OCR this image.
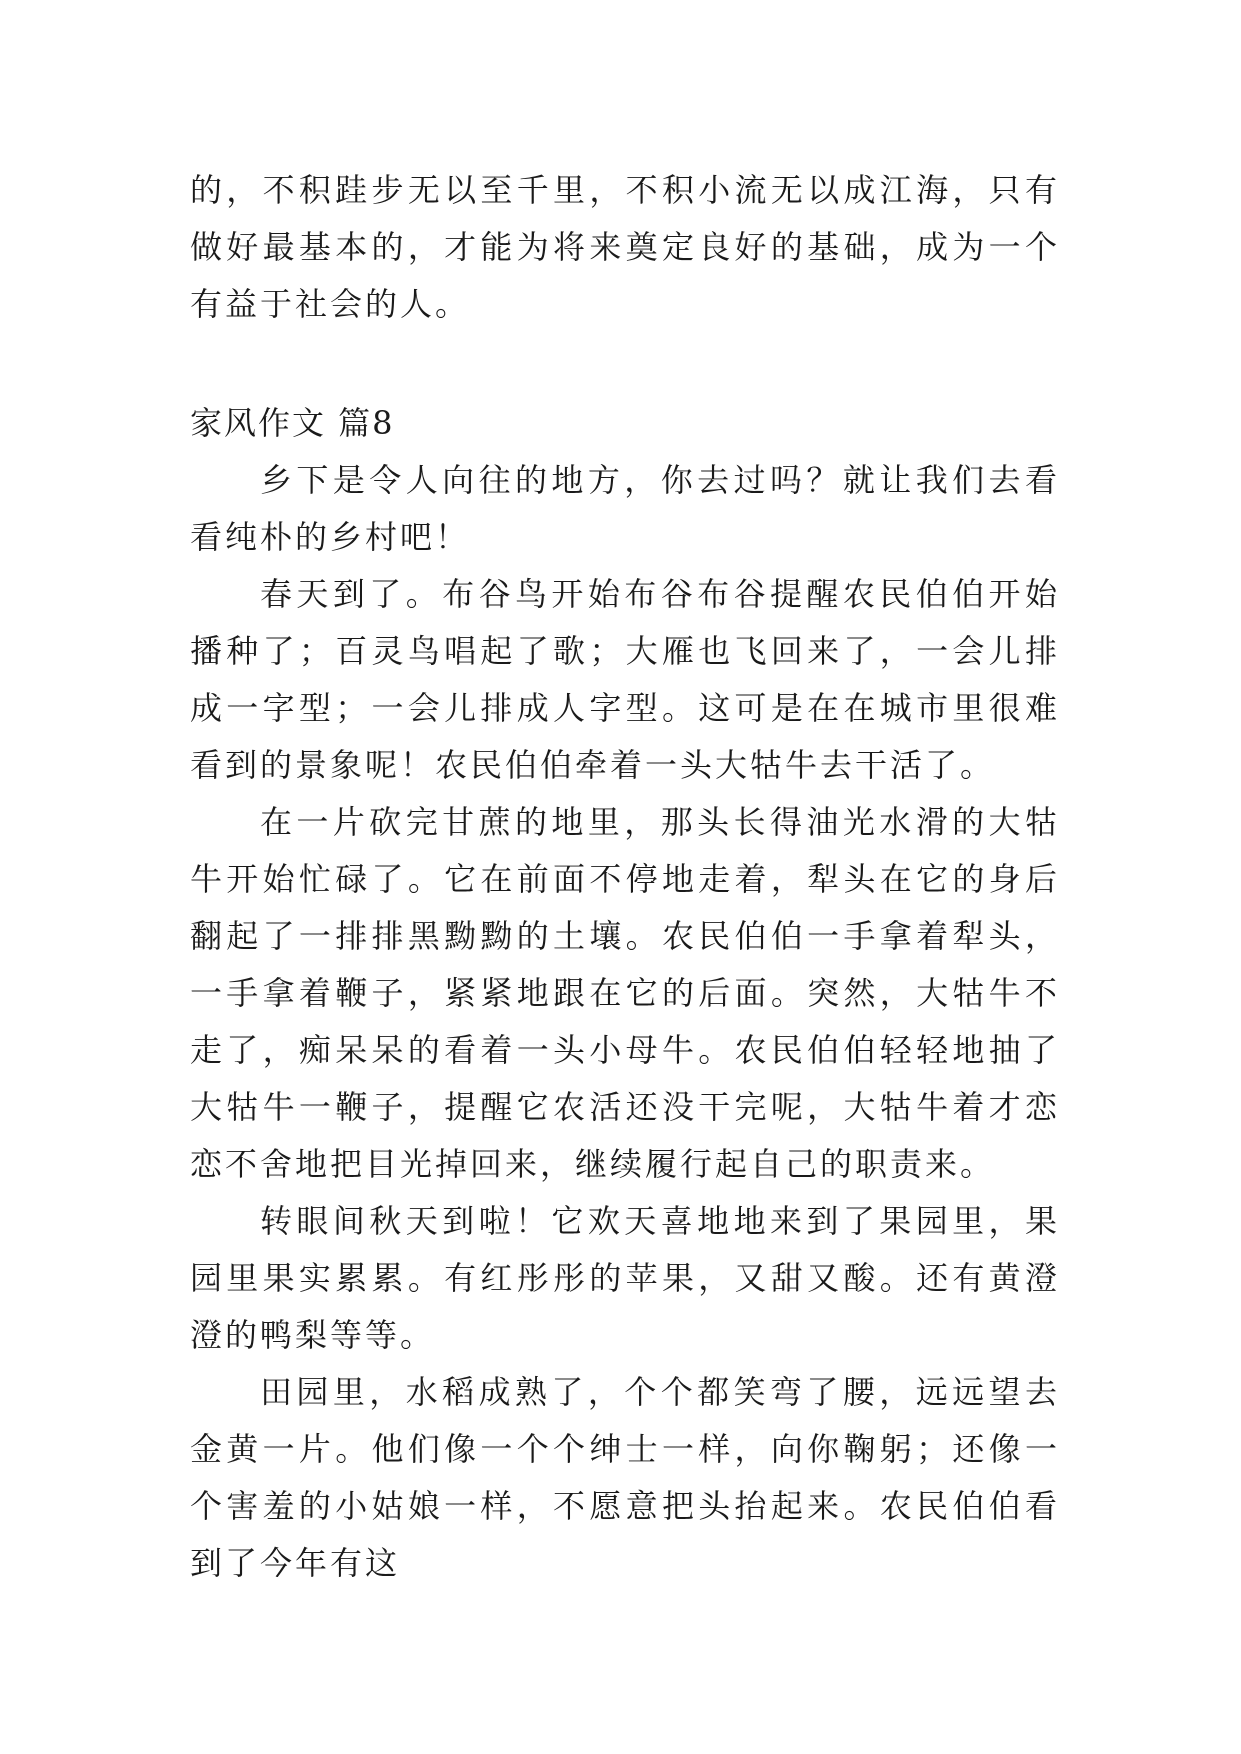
的，不积跬步无以至千里，不积小流无以成江海，只有做好最基本的，才能为将来奠定良好的基础，成为一个有益于社会的人。

家风作文 篇8

乡下是令人向往的地方，你去过吗？就让我们去看看纯朴的乡村吧！

春天到了。布谷鸟开始布谷布谷提醒农民伯伯开始播种了；百灵鸟唱起了歌；大雁也飞回来了，一会儿排成一字型；一会儿排成人字型。这可是在在城市里很难看到的景象呢！农民伯伯牵着一头大牯牛去干活了。

在一片砍完甘蔗的地里，那头长得油光水滑的大牯牛开始忙碌了。它在前面不停地走着，犁头在它的身后翻起了一排排黑黝黝的土壤。农民伯伯一手拿着犁头，一手拿着鞭子，紧紧地跟在它的后面。突然，大牯牛不走了，痴呆呆的看着一头小母牛。农民伯伯轻轻地抽了大牯牛一鞭子，提醒它农活还没干完呢，大牯牛着才恋恋不舍地把目光掉回来，继续履行起自己的职责来。

转眼间秋天到啦！它欢天喜地地来到了果园里，果园里果实累累。有红彤彤的苹果，又甜又酸。还有黄澄澄的鸭梨等等。

田园里，水稻成熟了，个个都笑弯了腰，远远望去金黄一片。他们像一个个绅士一样，向你鞠躬；还像一个害羞的小姑娘一样，不愿意把头抬起来。农民伯伯看到了今年有这
